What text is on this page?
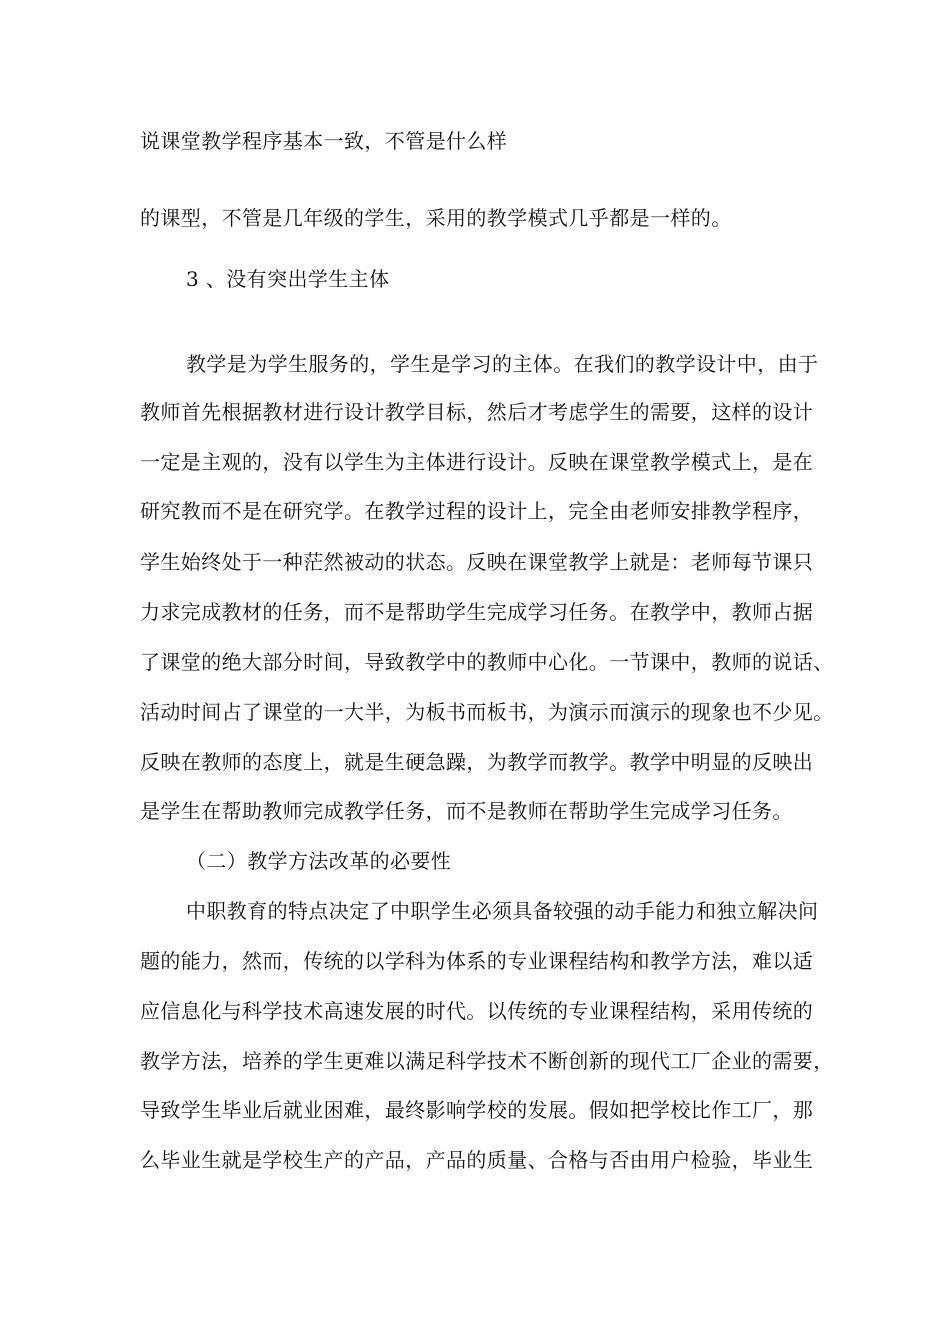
说课堂教学程序基本一致，不管是什么样
的课型，不管是几年级的学生，采用的教学模式几乎都是一样的。
3 、没有突出学生主体
教学是为学生服务的，学生是学习的主体。在我们的教学设计中，由于
教师首先根据教材进行设计教学目标，然后才考虑学生的需要，这样的设计
一定是主观的，没有以学生为主体进行设计。反映在课堂教学模式上，是在
研究教而不是在研究学。在教学过程的设计上，完全由老师安排教学程序，
学生始终处于一种茫然被动的状态。反映在课堂教学上就是：老师每节课只
力求完成教材的任务，而不是帮助学生完成学习任务。在教学中，教师占据
了课堂的绝大部分时间，导致教学中的教师中心化。一节课中，教师的说话、
活动时间占了课堂的一大半，为板书而板书，为演示而演示的现象也不少见。
反映在教师的态度上，就是生硬急躁，为教学而教学。教学中明显的反映出
是学生在帮助教师完成教学任务，而不是教师在帮助学生完成学习任务。
（二）教学方法改革的必要性
中职教育的特点决定了中职学生必须具备较强的动手能力和独立解决问
题的能力，然而，传统的以学科为体系的专业课程结构和教学方法，难以适
应信息化与科学技术高速发展的时代。以传统的专业课程结构，采用传统的
教学方法，培养的学生更难以满足科学技术不断创新的现代工厂企业的需要，
导致学生毕业后就业困难，最终影响学校的发展。假如把学校比作工厂，那
么毕业生就是学校生产的产品，产品的质量、合格与否由用户检验，毕业生
